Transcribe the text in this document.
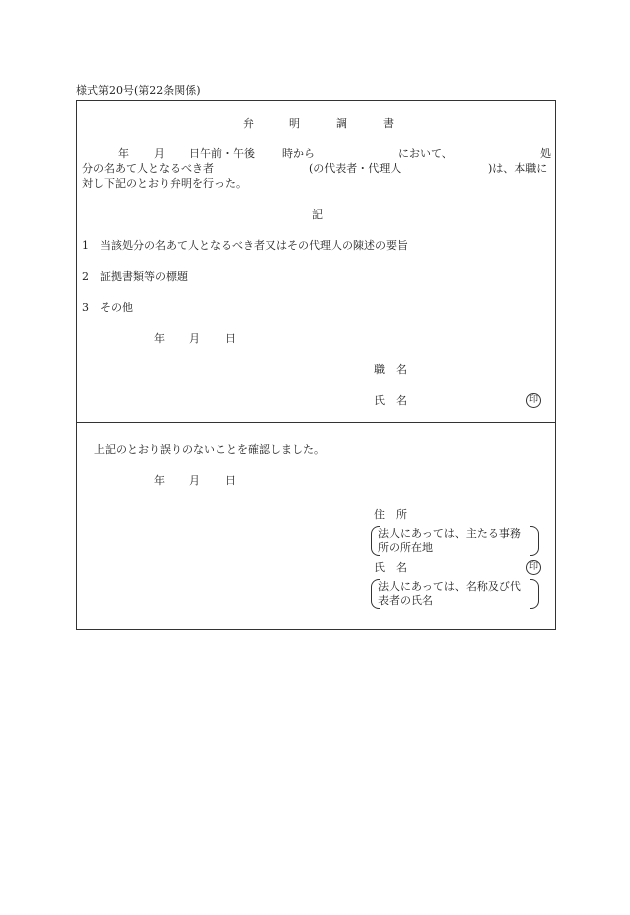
様式第20号(第22条関係)
弁	明	調	書
年 月 日午前・午後 時から	において、	処
分の名あて人となるべき者	(の代表者・代理人	)は、本職に
対し下記のとおり弁明を行った。
記
1 当該処分の名あて人となるべき者又はその代理人の陳述の要旨
2 証拠書類等の標題
3 その他
年 月 日
職　名
氏　名	印
上記のとおり誤りのないことを確認しました。
年 月 日
住　所
法人にあっては、主たる事務
所の所在地
氏　名	印
法人にあっては、名称及び代
表者の氏名
